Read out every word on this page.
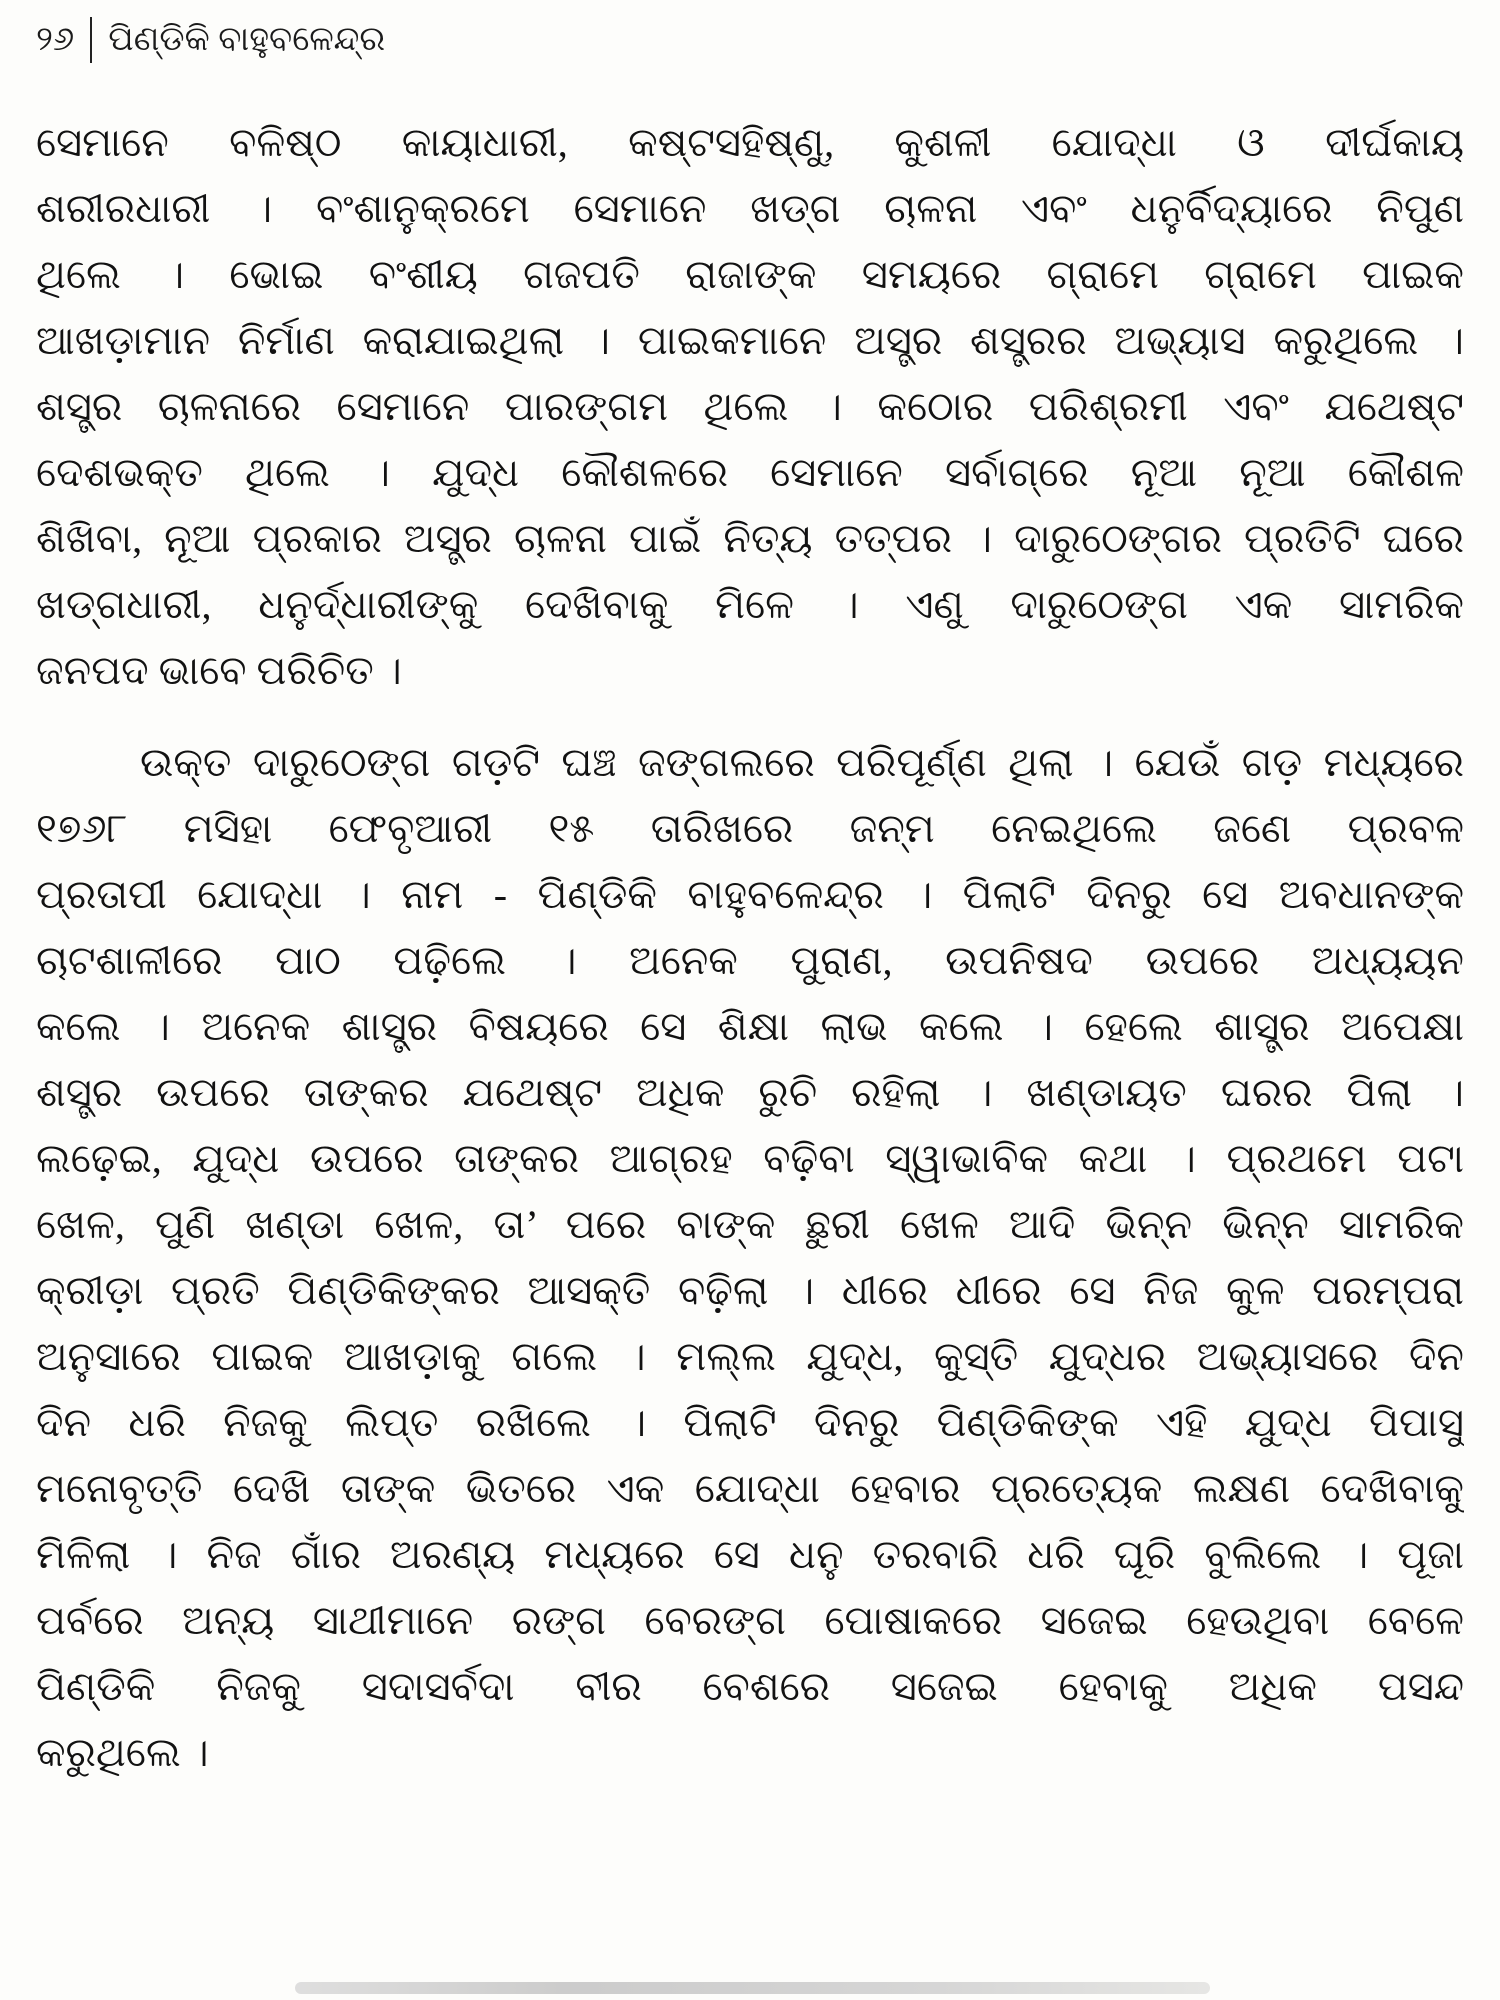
୨୬ ପିଣ୍ଡିକି ବାହୁବଳେନ୍ଦ୍ର
ସେମାନେ ବଳିଷ୍ଠ କାୟାଧାରୀ, କଷ୍ଟସହିଷ୍ଣୁ, କୁଶଳୀ ଯୋଦ୍ଧା ଓ ଦୀର୍ଘକାୟ
ଶରୀରଧାରୀ । ବଂଶାନୁକ୍ରମେ ସେମାନେ ଖଡ୍ଗ ଚାଳନା ଏବଂ ଧନୁର୍ବିଦ୍ୟାରେ ନିପୁଣ
ଥିଲେ । ଭୋଇ ବଂଶୀୟ ଗଜପତି ରାଜାଙ୍କ ସମୟରେ ଗ୍ରାମେ ଗ୍ରାମେ ପାଇକ
ଆଖଡ଼ାମାନ ନିର୍ମାଣ କରାଯାଇଥିଲା । ପାଇକମାନେ ଅସ୍ତ୍ର ଶସ୍ତ୍ରର ଅଭ୍ୟାସ କରୁଥିଲେ ।
ଶସ୍ତ୍ର ଚାଳନାରେ ସେମାନେ ପାରଙ୍ଗମ ଥିଲେ । କଠୋର ପରିଶ୍ରମୀ ଏବଂ ଯଥେଷ୍ଟ
ଦେଶଭକ୍ତ ଥିଲେ । ଯୁଦ୍ଧ କୌଶଳରେ ସେମାନେ ସର୍ବାଗ୍ରେ ନୂଆ ନୂଆ କୌଶଳ
ଶିଖିବା, ନୂଆ ପ୍ରକାର ଅସ୍ତ୍ର ଚାଳନା ପାଇଁ ନିତ୍ୟ ତତ୍ପର । ଦାରୁଠେଙ୍ଗର ପ୍ରତିଟି ଘରେ
ଖଡ୍ଗଧାରୀ, ଧନୁର୍ଦ୍ଧାରୀଙ୍କୁ ଦେଖିବାକୁ ମିଳେ । ଏଣୁ ଦାରୁଠେଙ୍ଗ ଏକ ସାମରିକ
ଜନପଦ ଭାବେ ପରିଚିତ ।
ଉକ୍ତ ଦାରୁଠେଙ୍ଗ ଗଡ଼ଟି ଘଞ୍ଚ ଜଙ୍ଗଲରେ ପରିପୂର୍ଣ୍ଣ ଥିଲା । ଯେଉଁ ଗଡ଼ ମଧ୍ୟରେ
୧୭୬୮ ମସିହା ଫେବୃଆରୀ ୧୫ ତାରିଖରେ ଜନ୍ମ ନେଇଥିଲେ ଜଣେ ପ୍ରବଳ
ପ୍ରତାପୀ ଯୋଦ୍ଧା । ନାମ - ପିଣ୍ଡିକି ବାହୁବଳେନ୍ଦ୍ର । ପିଲାଟି ଦିନରୁ ସେ ଅବଧାନଙ୍କ
ଚାଟଶାଳୀରେ ପାଠ ପଢ଼ିଲେ । ଅନେକ ପୁରାଣ, ଉପନିଷଦ ଉପରେ ଅଧ୍ୟୟନ
କଲେ । ଅନେକ ଶାସ୍ତ୍ର ବିଷୟରେ ସେ ଶିକ୍ଷା ଲାଭ କଲେ । ହେଲେ ଶାସ୍ତ୍ର ଅପେକ୍ଷା
ଶସ୍ତ୍ର ଉପରେ ତାଙ୍କର ଯଥେଷ୍ଟ ଅଧିକ ରୁଚି ରହିଲା । ଖଣ୍ଡାୟତ ଘରର ପିଲା ।
ଲଢ଼େଇ, ଯୁଦ୍ଧ ଉପରେ ତାଙ୍କର ଆଗ୍ରହ ବଢ଼ିବା ସ୍ୱାଭାବିକ କଥା । ପ୍ରଥମେ ପଟା
ଖେଳ, ପୁଣି ଖଣ୍ଡା ଖେଳ, ତା’ ପରେ ବାଙ୍କ ଛୁରୀ ଖେଳ ଆଦି ଭିନ୍ନ ଭିନ୍ନ ସାମରିକ
କ୍ରୀଡ଼ା ପ୍ରତି ପିଣ୍ଡିକିଙ୍କର ଆସକ୍ତି ବଢ଼ିଲା । ଧୀରେ ଧୀରେ ସେ ନିଜ କୁଳ ପରମ୍ପରା
ଅନୁସାରେ ପାଇକ ଆଖଡ଼ାକୁ ଗଲେ । ମଲ୍ଲ ଯୁଦ୍ଧ, କୁସ୍ତି ଯୁଦ୍ଧର ଅଭ୍ୟାସରେ ଦିନ
ଦିନ ଧରି ନିଜକୁ ଲିପ୍ତ ରଖିଲେ । ପିଲାଟି ଦିନରୁ ପିଣ୍ଡିକିଙ୍କ ଏହି ଯୁଦ୍ଧ ପିପାସୁ
ମନୋବୃତ୍ତି ଦେଖି ତାଙ୍କ ଭିତରେ ଏକ ଯୋଦ୍ଧା ହେବାର ପ୍ରତ୍ୟେକ ଲକ୍ଷଣ ଦେଖିବାକୁ
ମିଳିଲା । ନିଜ ଗାଁର ଅରଣ୍ୟ ମଧ୍ୟରେ ସେ ଧନୁ ତରବାରି ଧରି ଘୂରି ବୁଲିଲେ । ପୂଜା
ପର୍ବରେ ଅନ୍ୟ ସାଥୀମାନେ ରଙ୍ଗ ବେରଙ୍ଗ ପୋଷାକରେ ସଜେଇ ହେଉଥିବା ବେଳେ
ପିଣ୍ଡିକି ନିଜକୁ ସଦାସର୍ବଦା ବୀର ବେଶରେ ସଜେଇ ହେବାକୁ ଅଧିକ ପସନ୍ଦ
କରୁଥିଲେ ।
